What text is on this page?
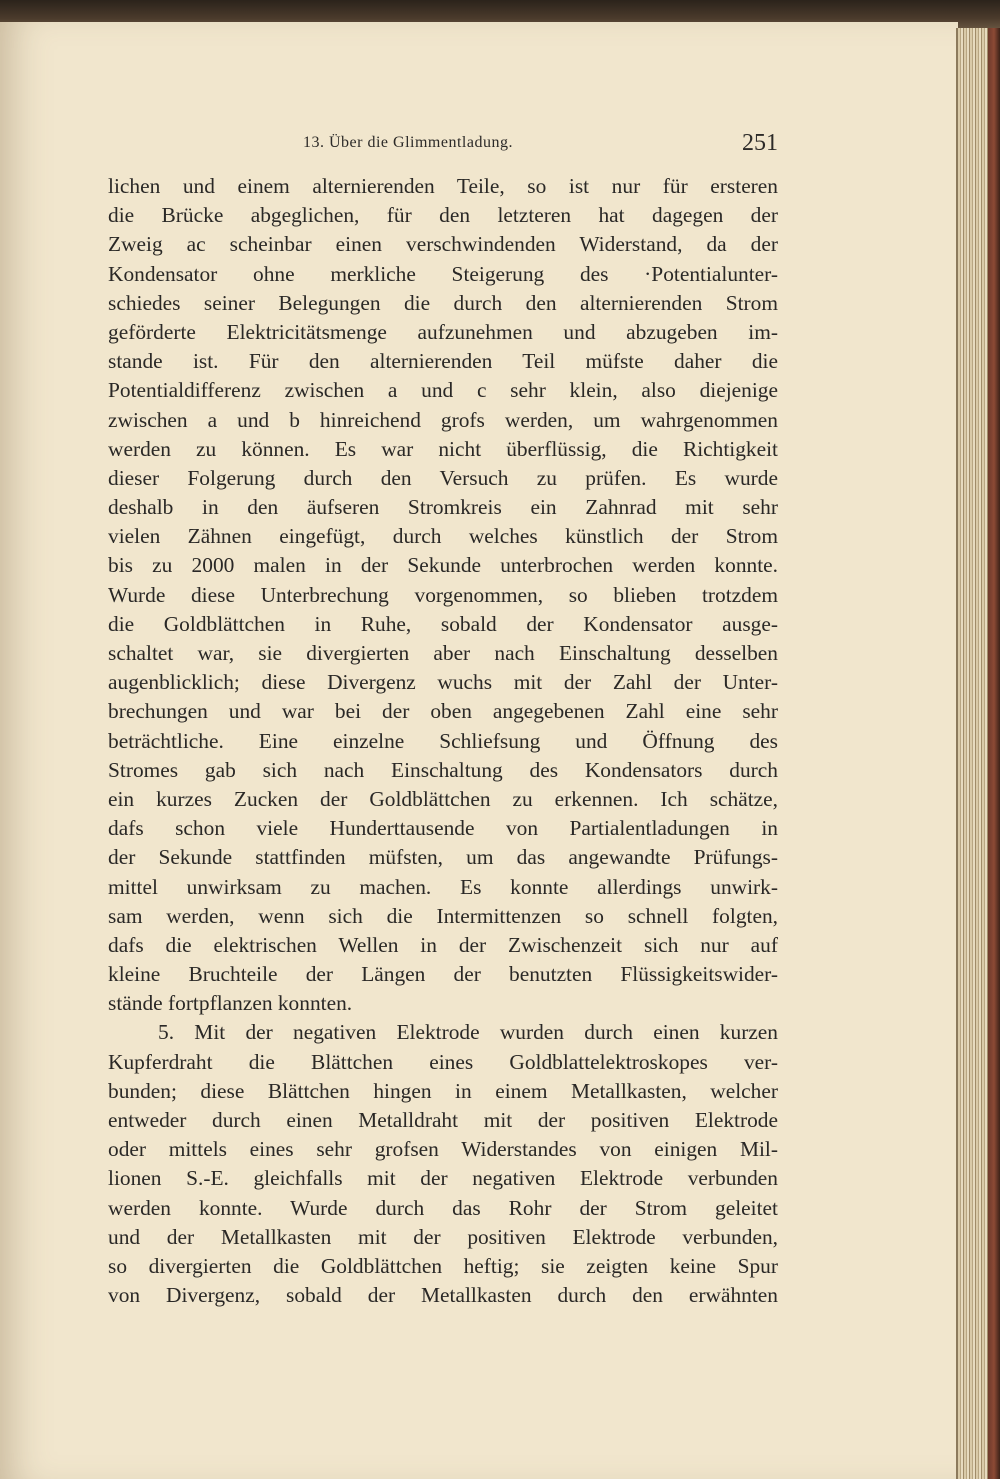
13. Über die Glimmentladung.	251
lichen und einem alternierenden Teile, so ist nur für ersteren
die Brücke abgeglichen, für den letzteren hat dagegen der
Zweig ac scheinbar einen verschwindenden Widerstand, da der
Kondensator ohne merkliche Steigerung des ·Potentialunter-
schiedes seiner Belegungen die durch den alternierenden Strom
geförderte Elektricitätsmenge aufzunehmen und abzugeben im-
stande ist. Für den alternierenden Teil müfste daher die
Potentialdifferenz zwischen a und c sehr klein, also diejenige
zwischen a und b hinreichend grofs werden, um wahrgenommen
werden zu können. Es war nicht überflüssig, die Richtigkeit
dieser Folgerung durch den Versuch zu prüfen. Es wurde
deshalb in den äufseren Stromkreis ein Zahnrad mit sehr
vielen Zähnen eingefügt, durch welches künstlich der Strom
bis zu 2000 malen in der Sekunde unterbrochen werden konnte.
Wurde diese Unterbrechung vorgenommen, so blieben trotzdem
die Goldblättchen in Ruhe, sobald der Kondensator ausge-
schaltet war, sie divergierten aber nach Einschaltung desselben
augenblicklich; diese Divergenz wuchs mit der Zahl der Unter-
brechungen und war bei der oben angegebenen Zahl eine sehr
beträchtliche. Eine einzelne Schliefsung und Öffnung des
Stromes gab sich nach Einschaltung des Kondensators durch
ein kurzes Zucken der Goldblättchen zu erkennen. Ich schätze,
dafs schon viele Hunderttausende von Partialentladungen in
der Sekunde stattfinden müfsten, um das angewandte Prüfungs-
mittel unwirksam zu machen. Es konnte allerdings unwirk-
sam werden, wenn sich die Intermittenzen so schnell folgten,
dafs die elektrischen Wellen in der Zwischenzeit sich nur auf
kleine Bruchteile der Längen der benutzten Flüssigkeitswider-
stände fortpflanzen konnten.
5. Mit der negativen Elektrode wurden durch einen kurzen
Kupferdraht die Blättchen eines Goldblattelektroskopes ver-
bunden; diese Blättchen hingen in einem Metallkasten, welcher
entweder durch einen Metalldraht mit der positiven Elektrode
oder mittels eines sehr grofsen Widerstandes von einigen Mil-
lionen S.-E. gleichfalls mit der negativen Elektrode verbunden
werden konnte. Wurde durch das Rohr der Strom geleitet
und der Metallkasten mit der positiven Elektrode verbunden,
so divergierten die Goldblättchen heftig; sie zeigten keine Spur
von Divergenz, sobald der Metallkasten durch den erwähnten
